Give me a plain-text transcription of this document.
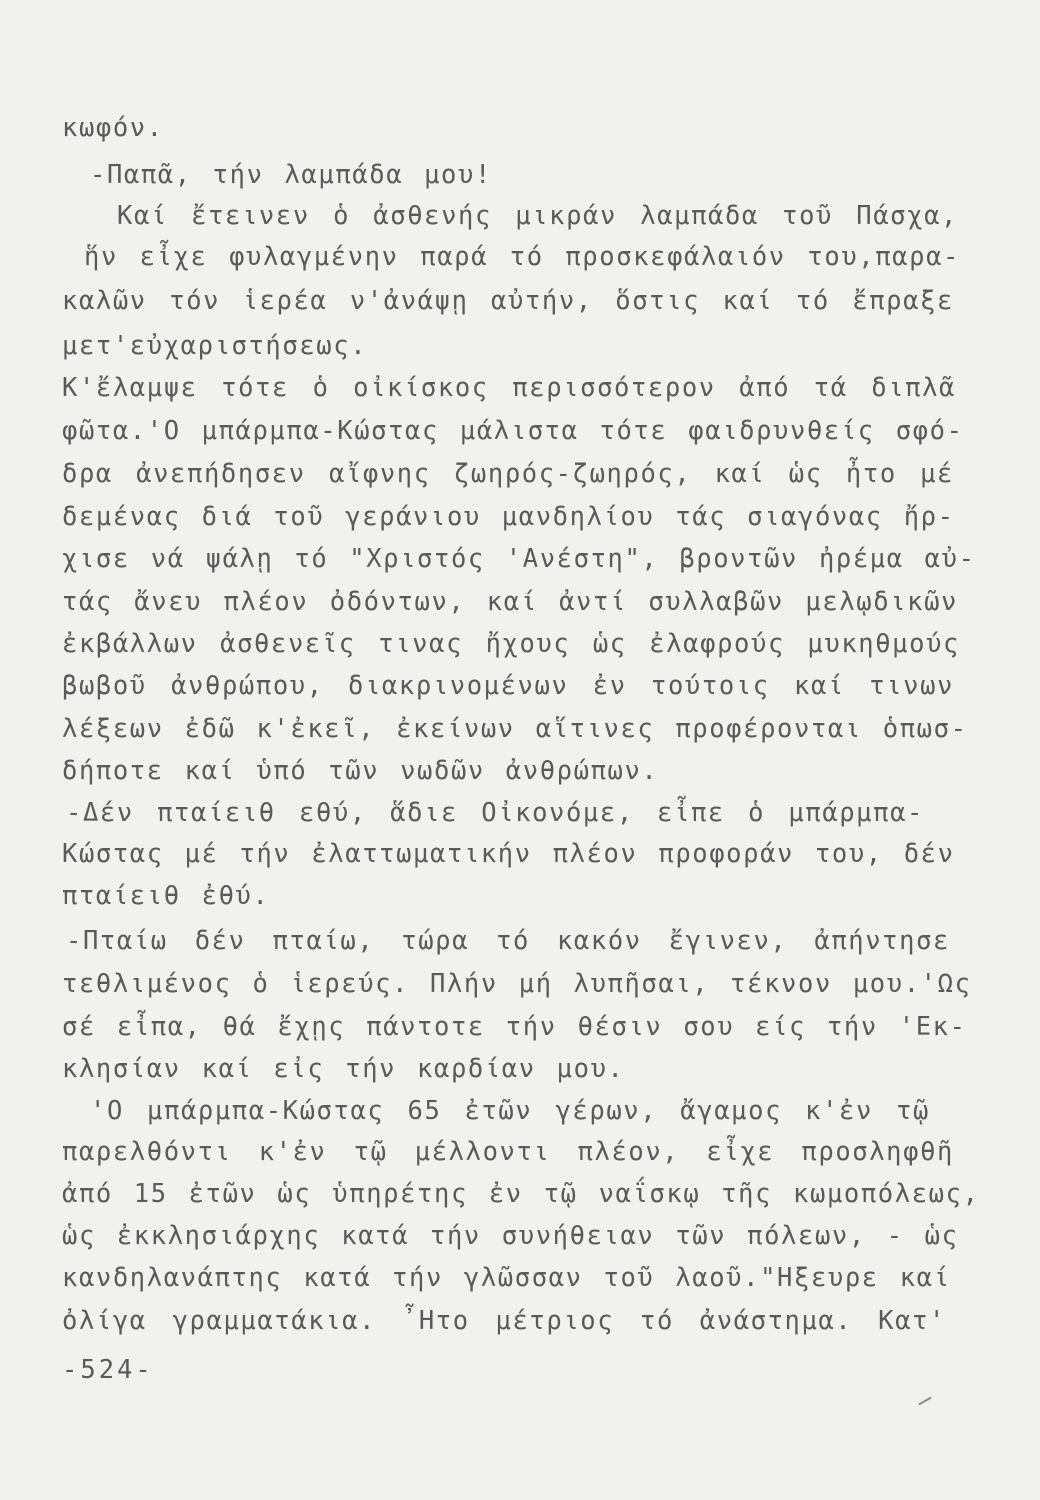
κωφόν.
-Παπᾶ, τήν λαμπάδα μου!
Καί ἔτεινεν ὁ ἀσθενής μικράν λαμπάδα τοῦ Πάσχα,
ἥν εἶχε φυλαγμένην παρά τό προσκεφάλαιόν του,παρα-
καλῶν τόν ἱερέα ν'ἀνάψῃ αὐτήν, ὅστις καί τό ἔπραξε
μετ'εὐχαριστήσεως.
Κ'ἔλαμψε τότε ὁ οἰκίσκος περισσότερον ἀπό τά διπλᾶ
φῶτα.'Ο μπάρμπα-Κώστας μάλιστα τότε φαιδρυνθείς σφό-
δρα ἀνεπήδησεν αἴφνης ζωηρός-ζωηρός, καί ὡς ἦτο μέ
δεμένας διά τοῦ γεράνιου μανδηλίου τάς σιαγόνας ἤρ-
χισε νά ψάλῃ τό "Χριστός 'Ανέστη", βροντῶν ἠρέμα αὐ-
τάς ἄνευ πλέον ὀδόντων, καί ἀντί συλλαβῶν μελῳδικῶν
ἐκβάλλων ἀσθενεῖς τινας ἤχους ὡς ἐλαφρούς μυκηθμούς
βωβοῦ ἀνθρώπου, διακρινομένων ἐν τούτοις καί τινων
λέξεων ἐδῶ κ'ἐκεῖ, ἐκείνων αἵτινες προφέρονται ὁπωσ-
δήποτε καί ὑπό τῶν νωδῶν ἀνθρώπων.
-Δέν πταίειθ εθύ, ἅδιε Οἰκονόμε, εἶπε ὁ μπάρμπα-
Κώστας μέ τήν ἐλαττωματικήν πλέον προφοράν του, δέν
πταίειθ ἐθύ.
-Πταίω δέν πταίω, τώρα τό κακόν ἔγινεν, ἀπήντησε
τεθλιμένος ὁ ἱερεύς. Πλήν μή λυπῆσαι, τέκνον μου.'Ως
σέ εἶπα, θά ἔχῃς πάντοτε τήν θέσιν σου είς τήν 'Εκ-
κλησίαν καί εἰς τήν καρδίαν μου.
'Ο μπάρμπα-Κώστας 65 ἐτῶν γέρων, ἄγαμος κ'ἐν τῷ
παρελθόντι κ'ἐν τῷ μέλλοντι πλέον, εἶχε προσληφθῆ
ἀπό 15 ἐτῶν ὡς ὑπηρέτης ἐν τῷ ναΐσκῳ τῆς κωμοπόλεως,
ὡς ἐκκλησιάρχης κατά τήν συνήθειαν τῶν πόλεων, - ὡς
κανδηλανάπτης κατά τήν γλῶσσαν τοῦ λαοῦ."Ηξευρε καί
ὀλίγα γραμματάκια. ῏Ητο μέτριος τό ἀνάστημα. Κατ'
-524-
